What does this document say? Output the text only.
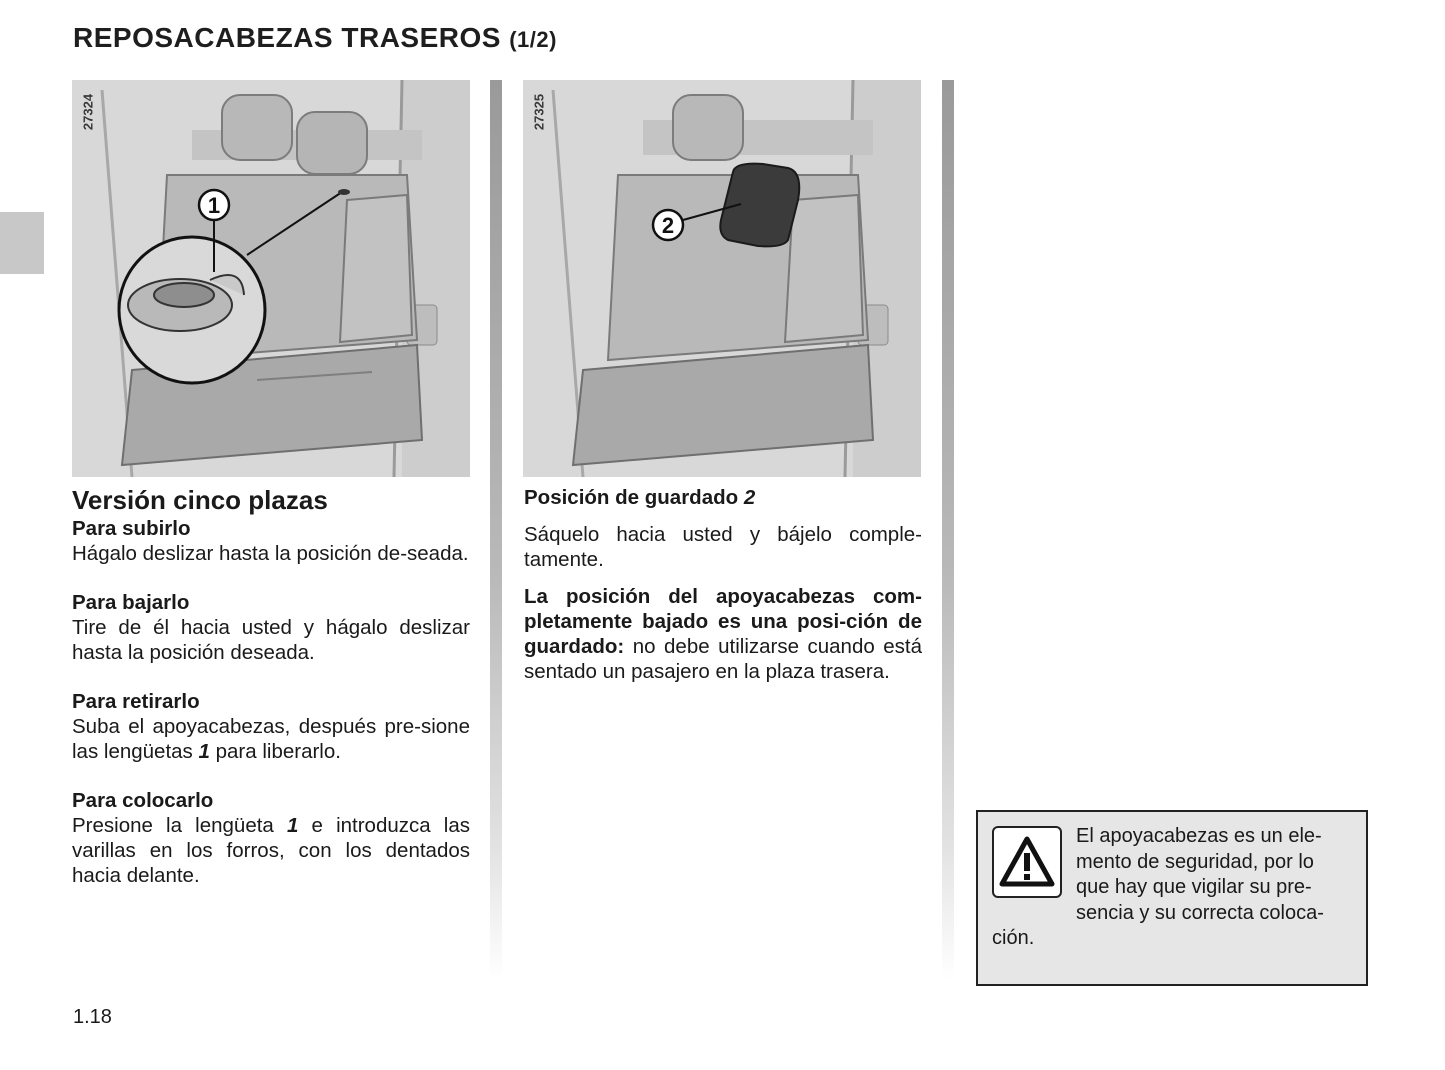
REPOSACABEZAS TRASEROS (1/2)
1
27324
2
27325

Versión cinco plazas

Para subirlo

Hágalo deslizar hasta la posición de-seada.

Para bajarlo

Tire de él hacia usted y hágalo deslizar hasta la posición deseada.

Para retirarlo

Suba el apoyacabezas, después pre-sione las lengüetas 1 para liberarlo.

Para colocarlo

Presione la lengüeta 1 e introduzca las varillas en los forros, con los dentados hacia delante.

Posición de guardado 2

Sáquelo hacia usted y bájelo comple-tamente.

La posición del apoyacabezas com-pletamente bajado es una posi-ción de guardado: no debe utilizarse cuando está sentado un pasajero en la plaza trasera.

El apoyacabezas es un ele-mento de seguridad, por lo que hay que vigilar su pre-sencia y su correcta coloca-ción.
1.18
